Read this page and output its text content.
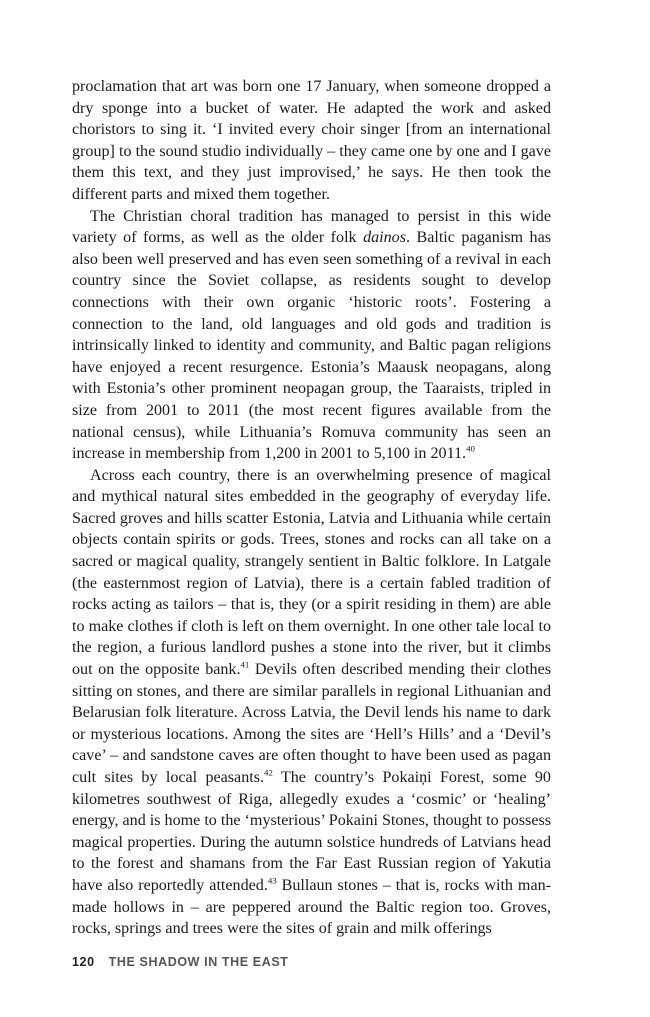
proclamation that art was born one 17 January, when someone dropped a dry sponge into a bucket of water. He adapted the work and asked choristors to sing it. ‘I invited every choir singer [from an international group] to the sound studio individually – they came one by one and I gave them this text, and they just improvised,’ he says. He then took the different parts and mixed them together.

The Christian choral tradition has managed to persist in this wide variety of forms, as well as the older folk dainos. Baltic paganism has also been well preserved and has even seen something of a revival in each country since the Soviet collapse, as residents sought to develop connections with their own organic ‘historic roots’. Fostering a connection to the land, old languages and old gods and tradition is intrinsically linked to identity and community, and Baltic pagan religions have enjoyed a recent resurgence. Estonia’s Maausk neopagans, along with Estonia’s other prominent neopagan group, the Taaraists, tripled in size from 2001 to 2011 (the most recent figures available from the national census), while Lithuania’s Romuva community has seen an increase in membership from 1,200 in 2001 to 5,100 in 2011.40

Across each country, there is an overwhelming presence of magical and mythical natural sites embedded in the geography of everyday life. Sacred groves and hills scatter Estonia, Latvia and Lithuania while certain objects contain spirits or gods. Trees, stones and rocks can all take on a sacred or magical quality, strangely sentient in Baltic folklore. In Latgale (the easternmost region of Latvia), there is a certain fabled tradition of rocks acting as tailors – that is, they (or a spirit residing in them) are able to make clothes if cloth is left on them overnight. In one other tale local to the region, a furious landlord pushes a stone into the river, but it climbs out on the opposite bank.$^{41}$ Devils often described mending their clothes sitting on stones, and there are similar parallels in regional Lithuanian and Belarusian folk literature. Across Latvia, the Devil lends his name to dark or mysterious locations. Among the sites are ‘Hell’s Hills’ and a ‘Devil’s cave’ – and sandstone caves are often thought to have been used as pagan cult sites by local peasants.$^{42}$ The country’s Pokaiņi Forest, some 90 kilometres southwest of Riga, allegedly exudes a ‘cosmic’ or ‘healing’ energy, and is home to the ‘mysterious’ Pokaini Stones, thought to possess magical properties. During the autumn solstice hundreds of Latvians head to the forest and shamans from the Far East Russian region of Yakutia have also reportedly attended.$^{43}$ Bullaun stones – that is, rocks with man-made hollows in – are peppered around the Baltic region too. Groves, rocks, springs and trees were the sites of grain and milk offerings

120 THE SHADOW IN THE EAST
